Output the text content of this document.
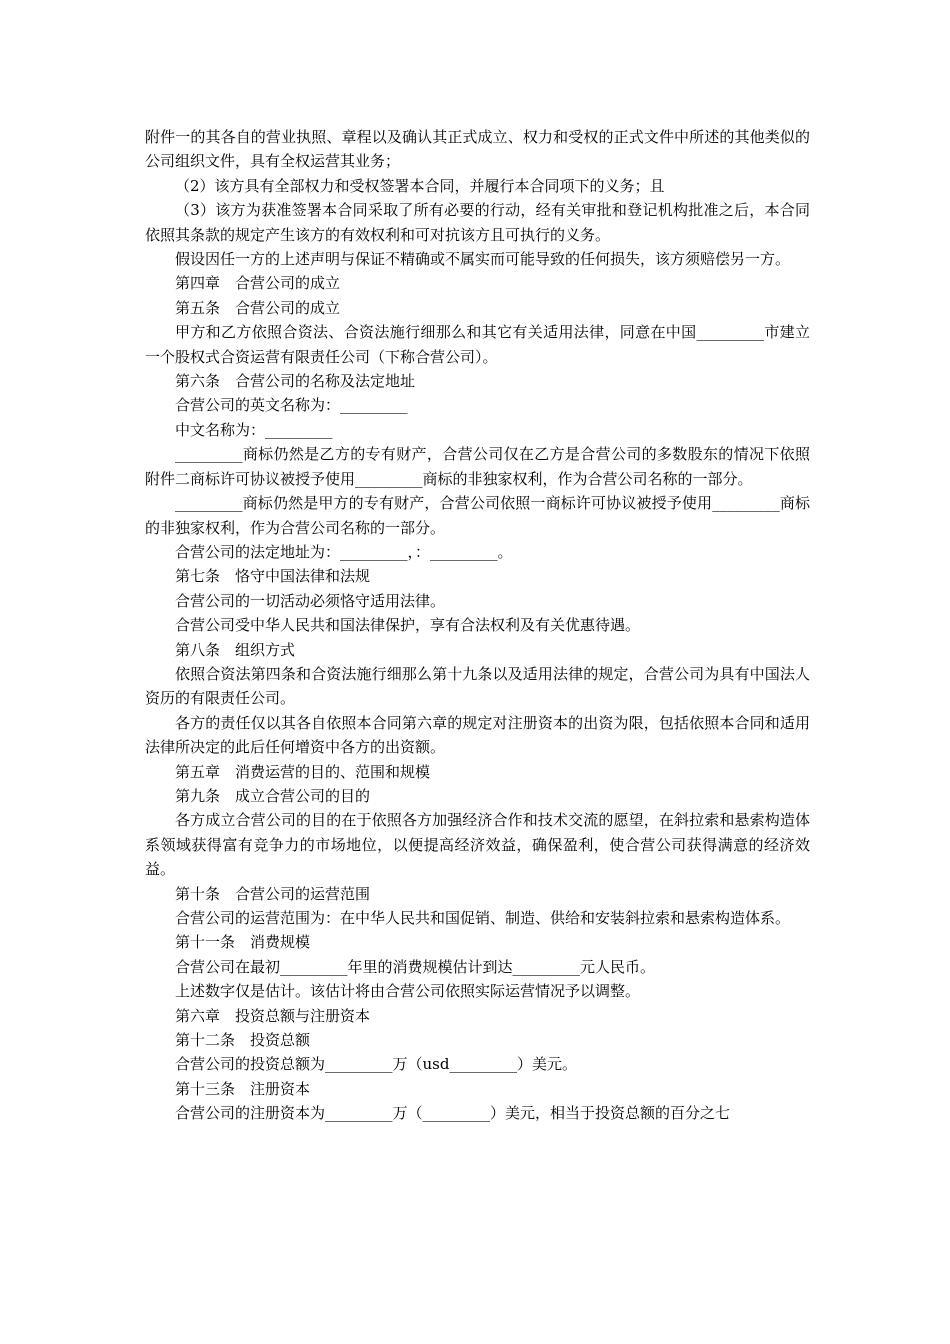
附件一的其各自的营业执照、章程以及确认其正式成立、权力和受权的正式文件中所述的其他类似的公司组织文件，具有全权运营其业务；

（2）该方具有全部权力和受权签署本合同，并履行本合同项下的义务；且

（3）该方为获准签署本合同采取了所有必要的行动，经有关审批和登记机构批准之后，本合同依照其条款的规定产生该方的有效权利和可对抗该方且可执行的义务。

假设因任一方的上述声明与保证不精确或不属实而可能导致的任何损失，该方须赔偿另一方。

第四章　合营公司的成立

第五条　合营公司的成立

甲方和乙方依照合资法、合资法施行细那么和其它有关适用法律，同意在中国_________市建立一个股权式合资运营有限责任公司（下称合营公司）。

第六条　合营公司的名称及法定地址

合营公司的英文名称为：_________

中文名称为：_________

_________商标仍然是乙方的专有财产，合营公司仅在乙方是合营公司的多数股东的情况下依照附件二商标许可协议被授予使用_________商标的非独家权利，作为合营公司名称的一部分。

_________商标仍然是甲方的专有财产，合营公司依照一商标许可协议被授予使用_________商标的非独家权利，作为合营公司名称的一部分。

合营公司的法定地址为：_________，：_________。

第七条　恪守中国法律和法规

合营公司的一切活动必须恪守适用法律。

合营公司受中华人民共和国法律保护，享有合法权利及有关优惠待遇。

第八条　组织方式

依照合资法第四条和合资法施行细那么第十九条以及适用法律的规定，合营公司为具有中国法人资历的有限责任公司。

各方的责任仅以其各自依照本合同第六章的规定对注册资本的出资为限，包括依照本合同和适用法律所决定的此后任何增资中各方的出资额。

第五章　消费运营的目的、范围和规模

第九条　成立合营公司的目的

各方成立合营公司的目的在于依照各方加强经济合作和技术交流的愿望，在斜拉索和悬索构造体系领域获得富有竞争力的市场地位，以便提高经济效益，确保盈利，使合营公司获得满意的经济效益。

第十条　合营公司的运营范围

合营公司的运营范围为：在中华人民共和国促销、制造、供给和安装斜拉索和悬索构造体系。

第十一条　消费规模

合营公司在最初_________年里的消费规模估计到达_________元人民币。

上述数字仅是估计。该估计将由合营公司依照实际运营情况予以调整。

第六章　投资总额与注册资本

第十二条　投资总额

合营公司的投资总额为_________万（usd_________）美元。

第十三条　注册资本

合营公司的注册资本为_________万（_________）美元，相当于投资总额的百分之七
